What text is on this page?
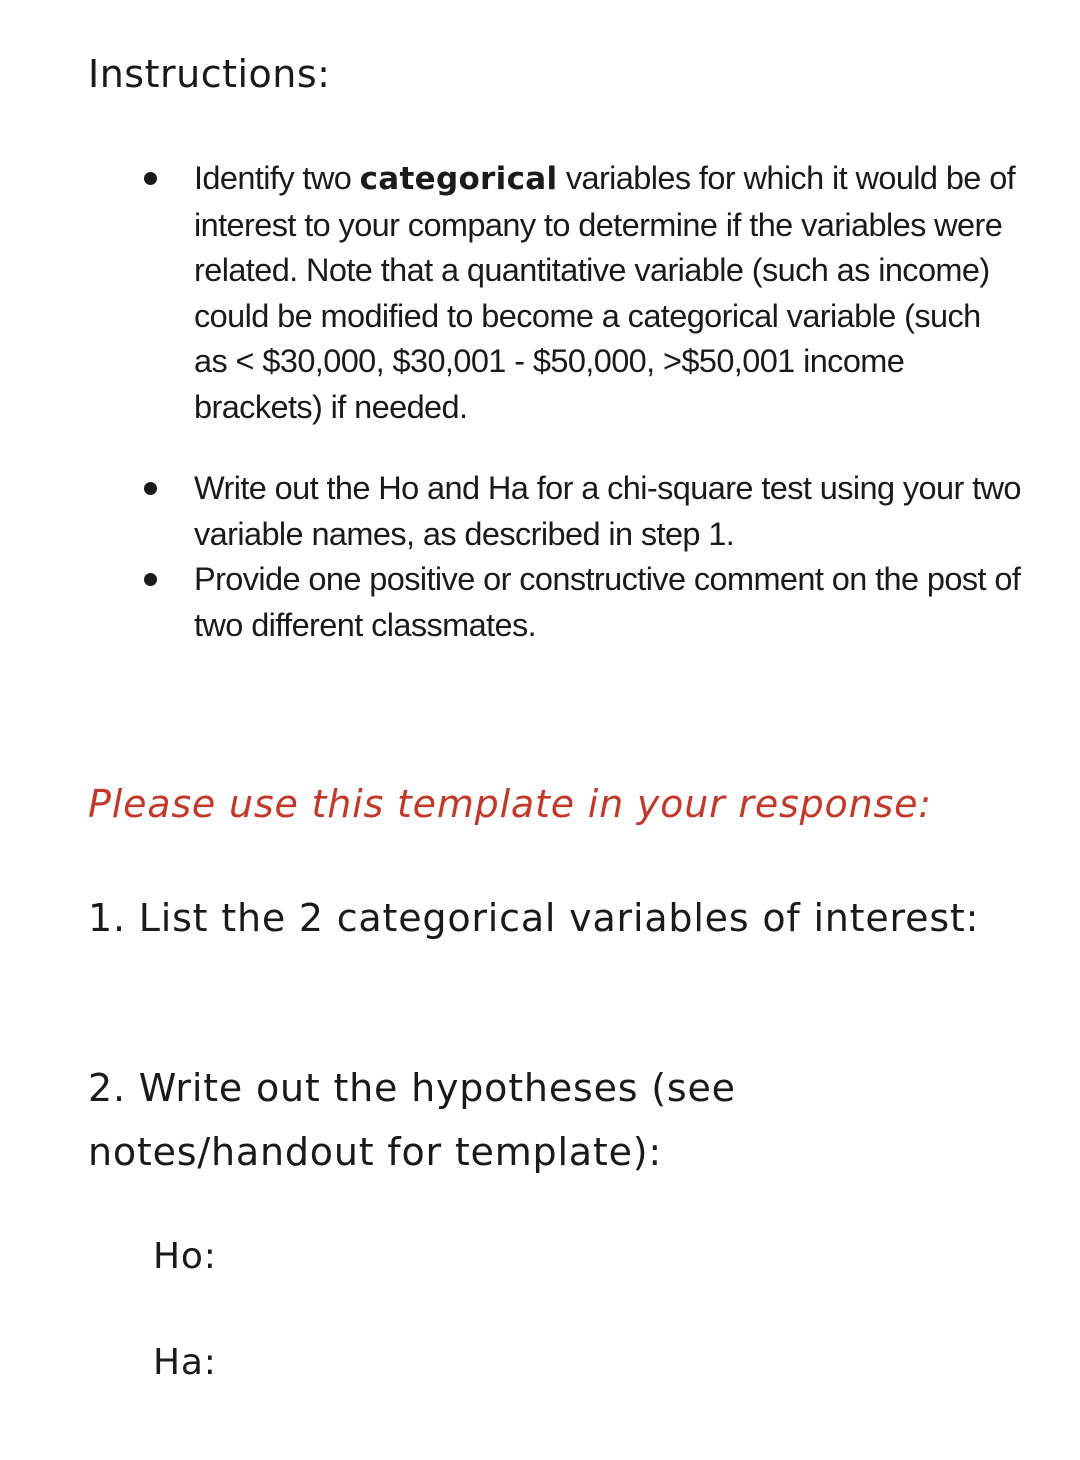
Instructions:
Identify two categorical variables for which it would be of interest to your company to determine if the variables were related. Note that a quantitative variable (such as income) could be modified to become a categorical variable (such as < $30,000, $30,001 - $50,000, >$50,001 income brackets) if needed.
Write out the Ho and Ha for a chi-square test using your two variable names, as described in step 1.
Provide one positive or constructive comment on the post of two different classmates.

Please use this template in your response:

1. List the 2 categorical variables of interest:

2. Write out the hypotheses (see notes/handout for template):

Ho:

Ha:
